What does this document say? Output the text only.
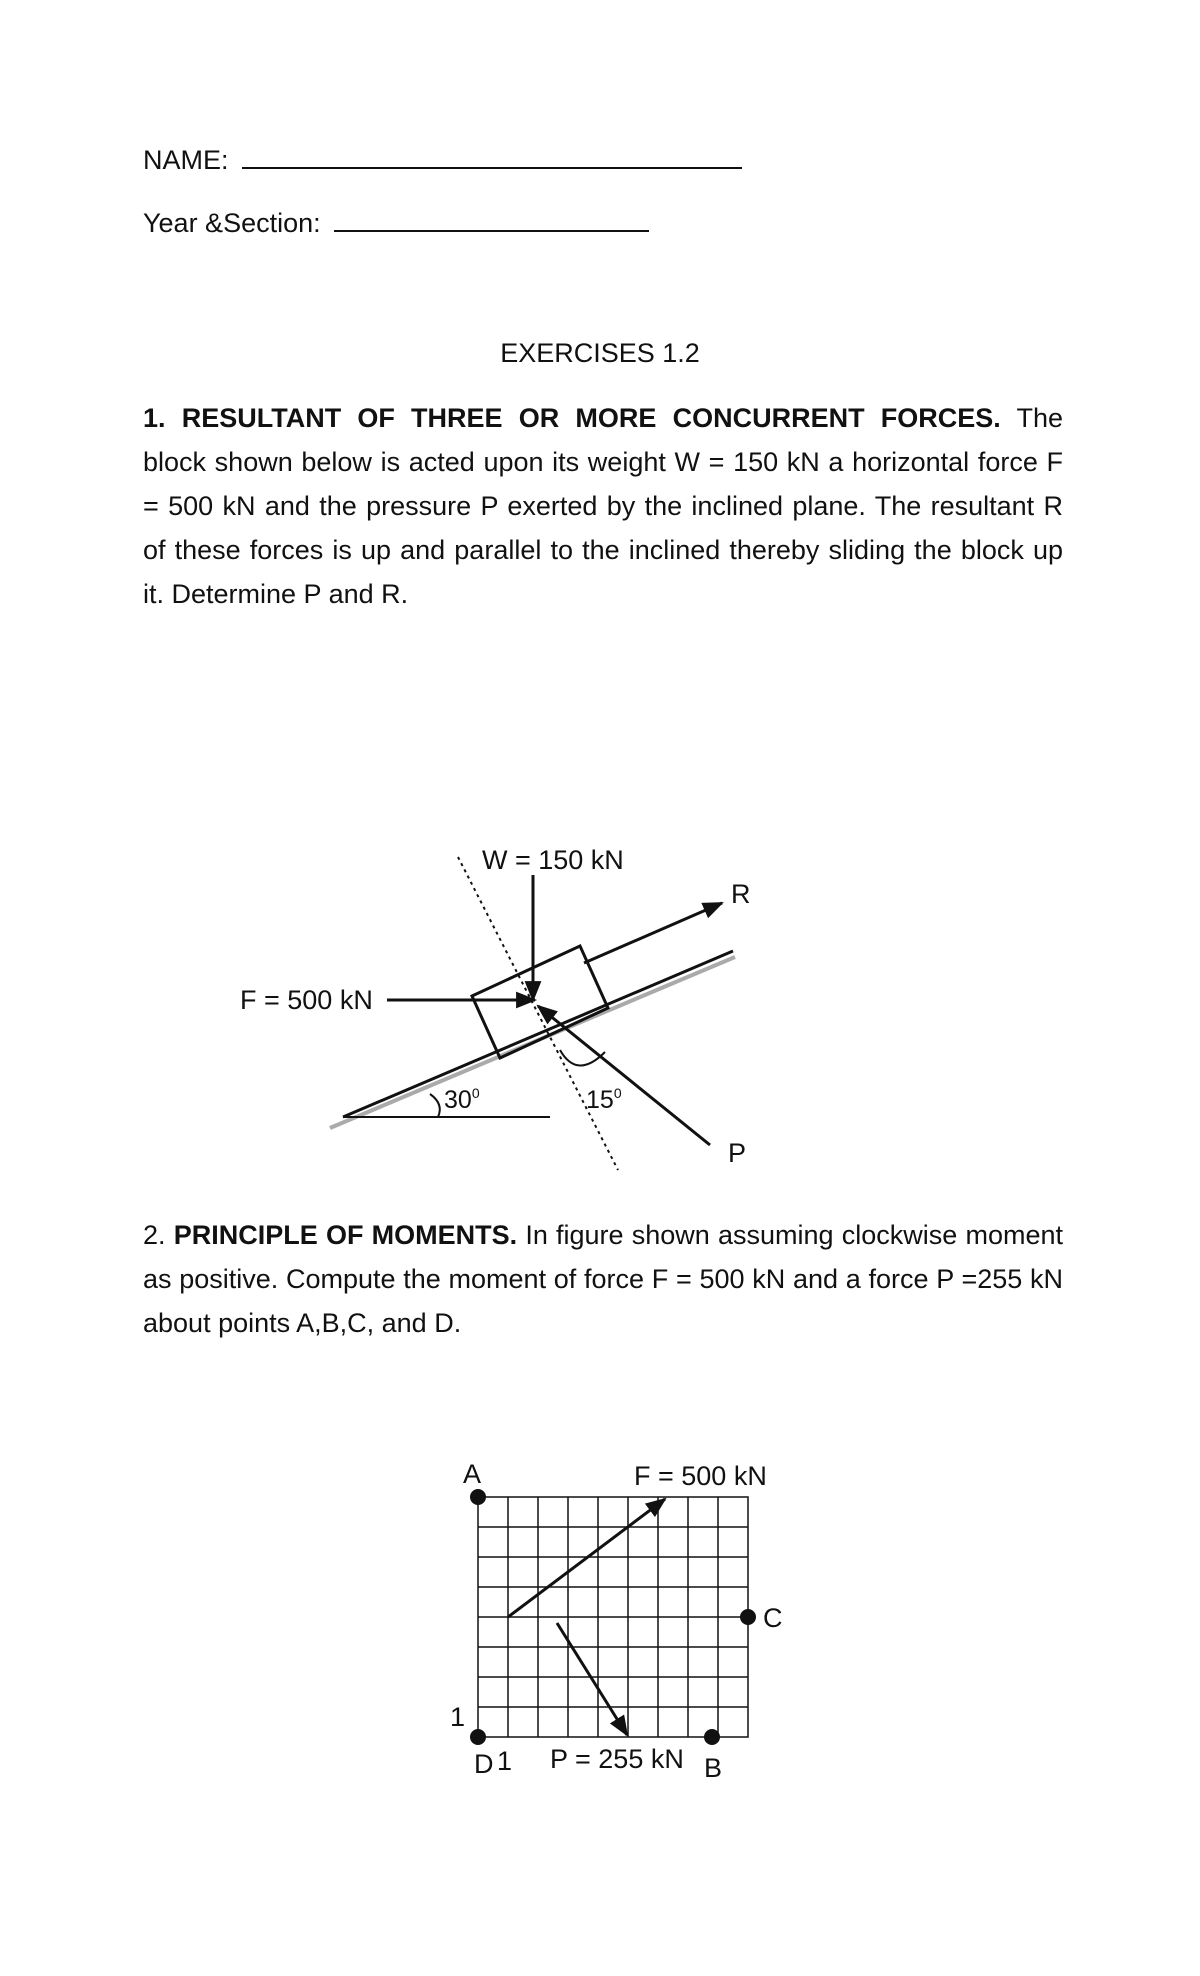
NAME:
Year &Section:
EXERCISES 1.2

1. RESULTANT OF THREE OR MORE CONCURRENT FORCES. The block shown below is acted upon its weight W = 150 kN a horizontal force F = 500 kN and the pressure P exerted by the inclined plane. The resultant R of these forces is up and parallel to the inclined thereby sliding the block up it. Determine P and R.

$30^0$
W = 150 kN
F = 500 kN
R
P
$15^0$

2. PRINCIPLE OF MOMENTS. In figure shown assuming clockwise moment as positive. Compute the moment of force F = 500 kN and a force P =255 kN about points A,B,C, and D.

A
C
D	B
1
1
F = 500 kN
P = 255 kN
